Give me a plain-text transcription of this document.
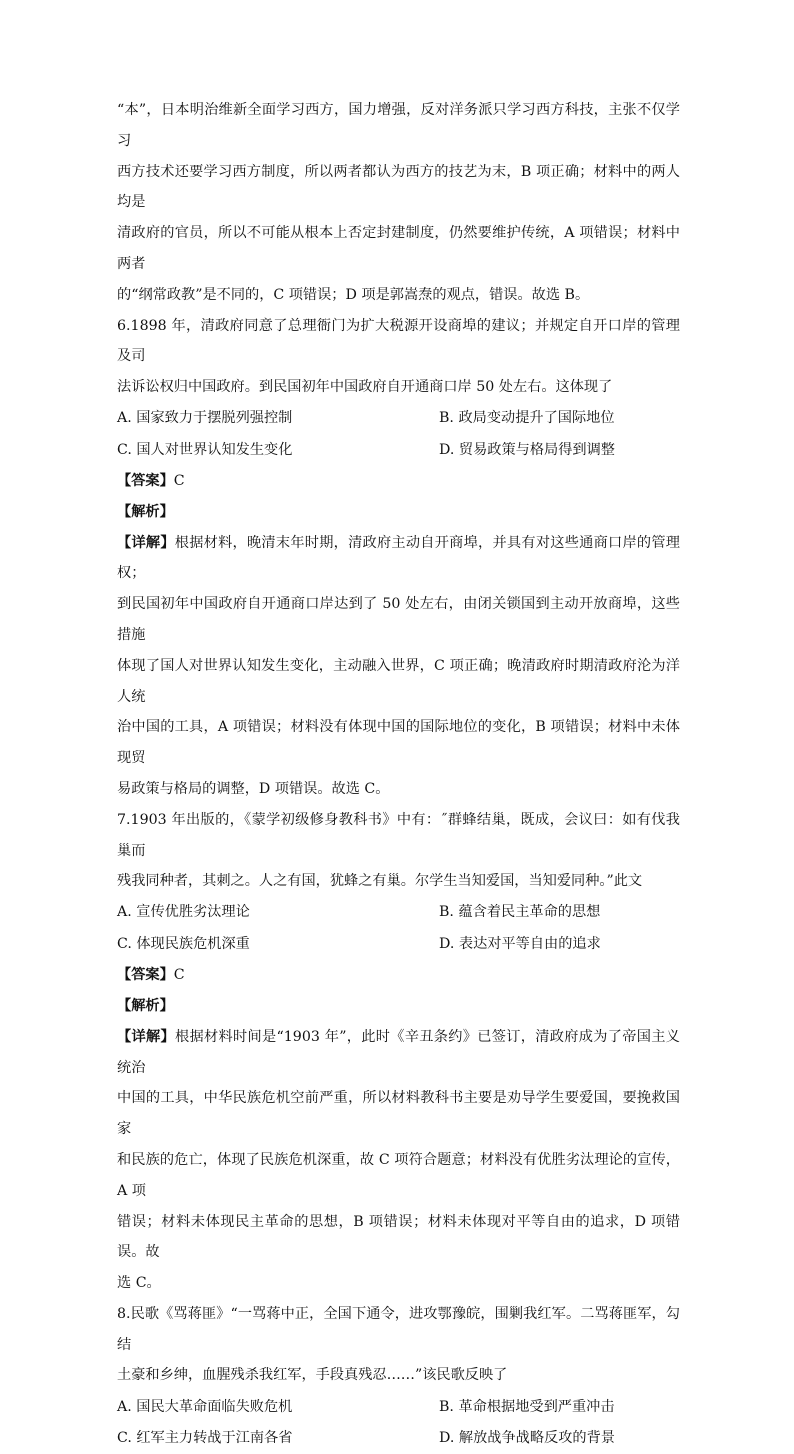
“本”，日本明治维新全面学习西方，国力增强，反对洋务派只学习西方科技，主张不仅学习

西方技术还要学习西方制度，所以两者都认为西方的技艺为末，B 项正确；材料中的两人均是

清政府的官员，所以不可能从根本上否定封建制度，仍然要维护传统，A 项错误；材料中两者

的“纲常政教”是不同的，C 项错误；D 项是郭嵩焘的观点，错误。故选 B。

6.1898 年，清政府同意了总理衙门为扩大税源开设商埠的建议；并规定自开口岸的管理及司

法诉讼权归中国政府。到民国初年中国政府自开通商口岸 50 处左右。这体现了

A. 国家致力于摆脱列强控制	B. 政局变动提升了国际地位
C. 国人对世界认知发生变化	D. 贸易政策与格局得到调整

【答案】C

【解析】

【详解】根据材料，晚清末年时期，清政府主动自开商埠，并具有对这些通商口岸的管理权；

到民国初年中国政府自开通商口岸达到了 50 处左右，由闭关锁国到主动开放商埠，这些措施

体现了国人对世界认知发生变化，主动融入世界，C 项正确；晚清政府时期清政府沦为洋人统

治中国的工具，A 项错误；材料没有体现中国的国际地位的变化，B 项错误；材料中未体现贸

易政策与格局的调整，D 项错误。故选 C。

7.1903 年出版的，《蒙学初级修身教科书》中有：˝群蜂结巢，既成，会议曰：如有伐我巢而

残我同种者，其刺之。人之有国，犹蜂之有巢。尔学生当知爱国，当知爱同种。”此文

A. 宣传优胜劣汰理论	B. 蕴含着民主革命的思想
C. 体现民族危机深重	D. 表达对平等自由的追求

【答案】C

【解析】

【详解】根据材料时间是“1903 年”，此时《辛丑条约》已签订，清政府成为了帝国主义统治

中国的工具，中华民族危机空前严重，所以材料教科书主要是劝导学生要爱国，要挽救国家

和民族的危亡，体现了民族危机深重，故 C 项符合题意；材料没有优胜劣汰理论的宣传，A 项

错误；材料未体现民主革命的思想，B 项错误；材料未体现对平等自由的追求，D 项错误。故

选 C。

8.民歌《骂蒋匪》“一骂蒋中正，全国下通令，进攻鄂豫皖，围剿我红军。二骂蒋匪军，勾结

土豪和乡绅，血腥残杀我红军，手段真残忍……”该民歌反映了

A. 国民大革命面临失败危机	B. 革命根据地受到严重冲击
C. 红军主力转战于江南各省	D. 解放战争战略反攻的背景
